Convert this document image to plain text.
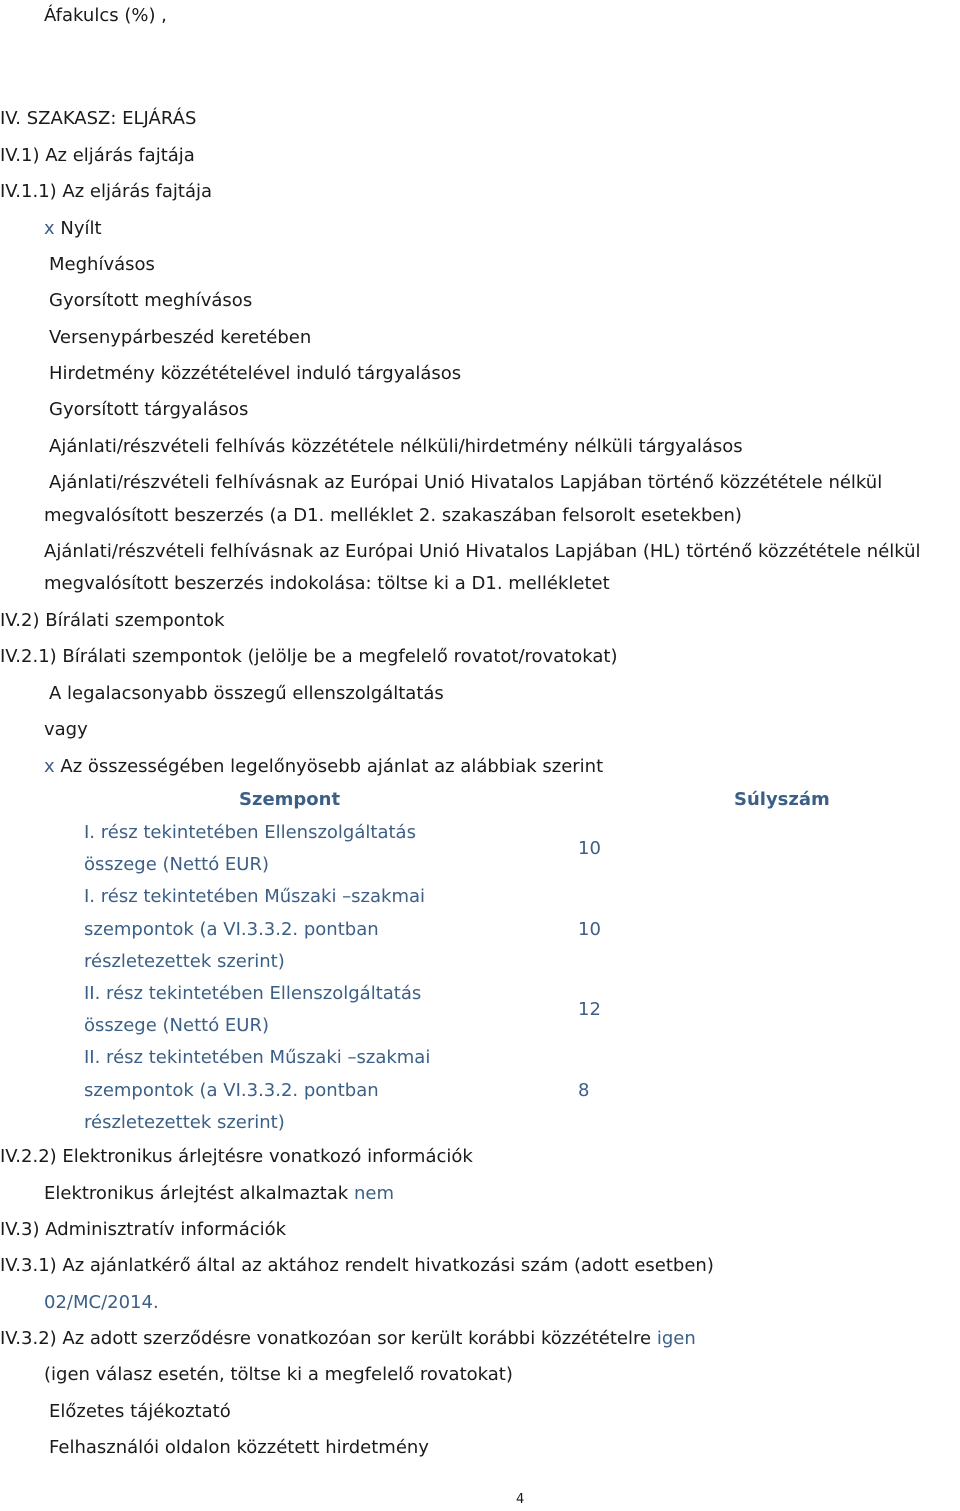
Áfakulcs (%) ,
IV. SZAKASZ: ELJÁRÁS
IV.1) Az eljárás fajtája
IV.1.1) Az eljárás fajtája
x Nyílt
Meghívásos
Gyorsított meghívásos
Versenypárbeszéd keretében
Hirdetmény közzétételével induló tárgyalásos
Gyorsított tárgyalásos
Ajánlati/részvételi felhívás közzététele nélküli/hirdetmény nélküli tárgyalásos
Ajánlati/részvételi felhívásnak az Európai Unió Hivatalos Lapjában történő közzététele nélkül
megvalósított beszerzés (a D1. melléklet 2. szakaszában felsorolt esetekben)
Ajánlati/részvételi felhívásnak az Európai Unió Hivatalos Lapjában (HL) történő közzététele nélkül
megvalósított beszerzés indokolása: töltse ki a D1. mellékletet
IV.2) Bírálati szempontok
IV.2.1) Bírálati szempontok (jelölje be a megfelelő rovatot/rovatokat)
A legalacsonyabb összegű ellenszolgáltatás
vagy
x Az összességében legelőnyösebb ajánlat az alábbiak szerint
Szempont	Súlyszám
I. rész tekintetében Ellenszolgáltatás
összege (Nettó EUR)
10
I. rész tekintetében Műszaki –szakmai
szempontok (a VI.3.3.2. pontban
részletezettek szerint)
10
II. rész tekintetében Ellenszolgáltatás
összege (Nettó EUR)
12
II. rész tekintetében Műszaki –szakmai
szempontok (a VI.3.3.2. pontban
részletezettek szerint)
8
IV.2.2) Elektronikus árlejtésre vonatkozó információk
Elektronikus árlejtést alkalmaztak nem
IV.3) Adminisztratív információk
IV.3.1) Az ajánlatkérő által az aktához rendelt hivatkozási szám (adott esetben)
02/MC/2014.
IV.3.2) Az adott szerződésre vonatkozóan sor került korábbi közzétételre igen
(igen válasz esetén, töltse ki a megfelelő rovatokat)
Előzetes tájékoztató
Felhasználói oldalon közzétett hirdetmény
4
